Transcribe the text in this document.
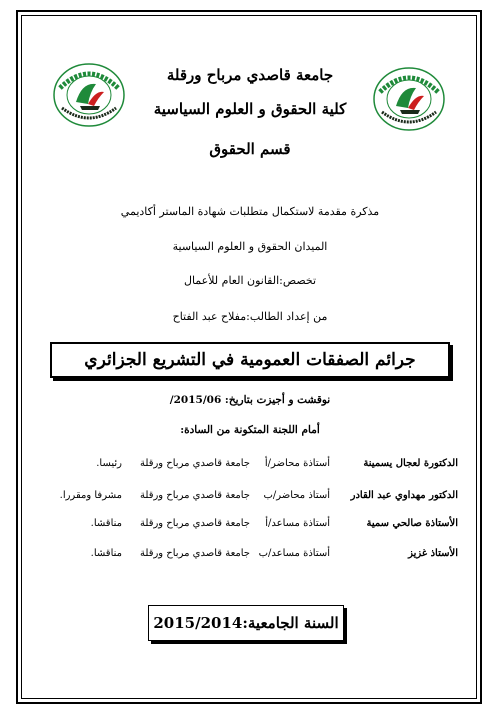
جامعة قاصدي مرباح ورقلة
كلية الحقوق و العلوم السياسية
قسم الحقوق
مذكرة مقدمة لاستكمال متطلبات شهادة الماستر أكاديمي
الميدان الحقوق و العلوم السياسية
تخصص:القانون العام للأعمال
من إعداد الطالب:مفلاح عبد الفتاح
جرائم الصفقات العمومية في التشريع الجزائري
نوقشت و أجيزت بتاريخ: 2015/06/
أمام اللجنة المتكونة من السادة:
الدكتورة لعجال يسمينة
أستاذة محاضر/أ
جامعة قاصدي مرباح ورقلة
رئيسا.
الدكتور مهداوي عبد القادر
أستاذ محاضر/ب
جامعة قاصدي مرباح ورقلة
مشرفا ومقررا.
الأستاذة صالحي سمية
أستاذة مساعد/أ
جامعة قاصدي مرباح ورقلة
مناقشا.
الأستاذ غزيز
أستاذة مساعد/ب
جامعة قاصدي مرباح ورقلة
مناقشا.
السنة الجامعية:2015/2014
